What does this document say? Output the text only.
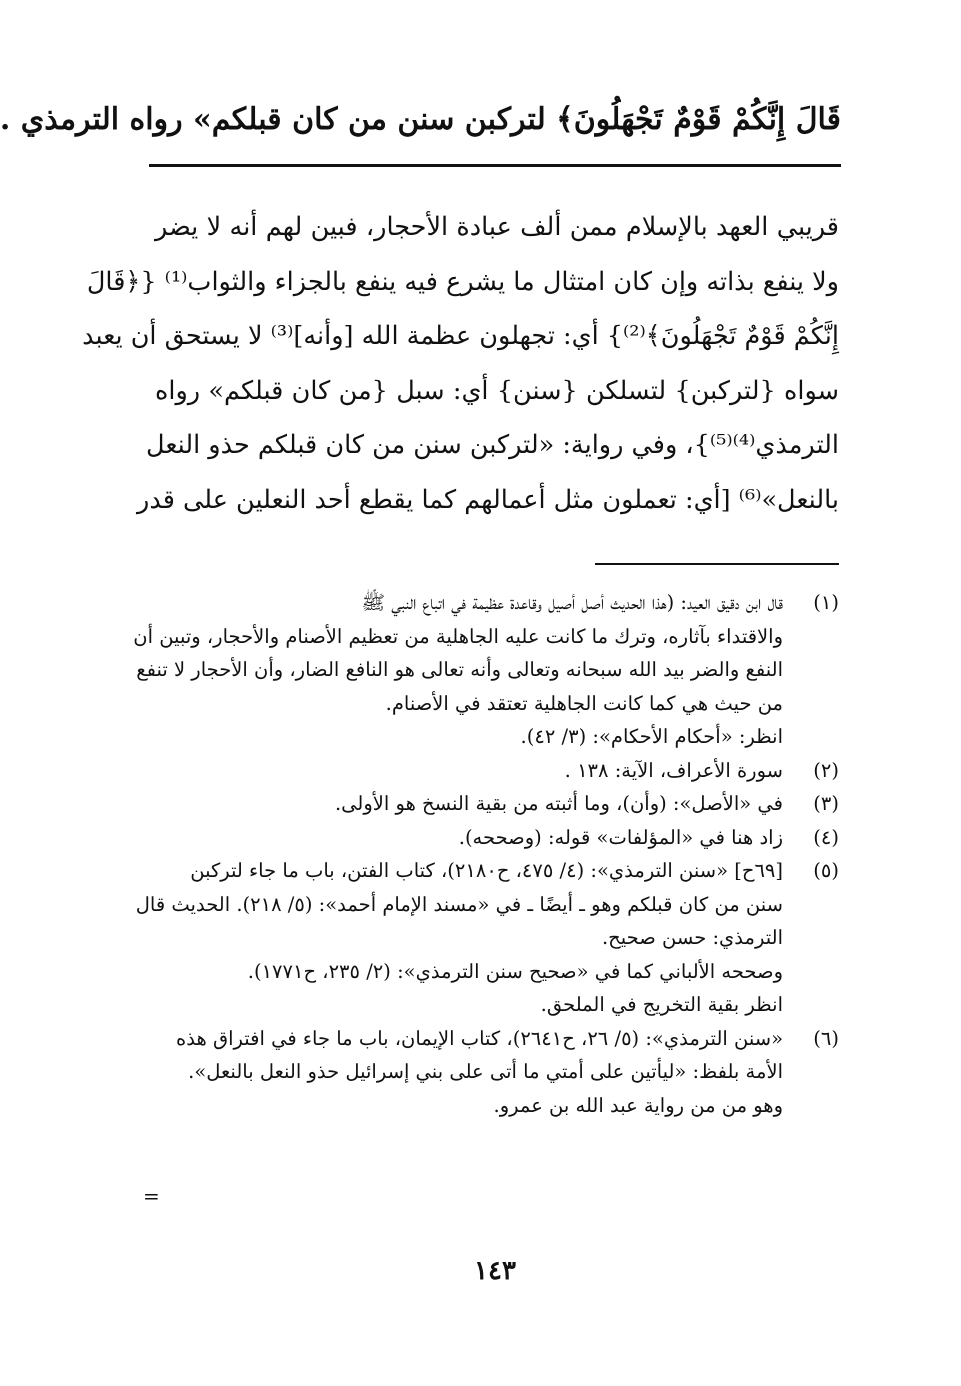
قَالَ إِنَّكُمْ قَوْمٌ تَجْهَلُونَ﴾ لتركبن سنن من كان قبلكم» رواه الترمذي .
قريبي العهد بالإسلام ممن ألف عبادة الأحجار، فبين لهم أنه لا يضر
ولا ينفع بذاته وإن كان امتثال ما يشرع فيه ينفع بالجزاء والثواب⁽¹⁾ {﴿قَالَ
إِنَّكُمْ قَوْمٌ تَجْهَلُونَ﴾⁽²⁾} أي: تجهلون عظمة الله [وأنه]⁽³⁾ لا يستحق أن يعبد
سواه {لتركبن} لتسلكن {سنن} أي: سبل {من كان قبلكم» رواه
الترمذي⁽⁴⁾⁽⁵⁾}، وفي رواية: «لتركبن سنن من كان قبلكم حذو النعل
بالنعل»⁽⁶⁾ [أي: تعملون مثل أعمالهم كما يقطع أحد النعلين على قدر
(١)
قال ابن دقيق العيد: (هذا الحديث أصل أصيل وقاعدة عظيمة في اتباع النبي ﷺ
والاقتداء بآثاره، وترك ما كانت عليه الجاهلية من تعظيم الأصنام والأحجار، وتبين أن
النفع والضر بيد الله سبحانه وتعالى وأنه تعالى هو النافع الضار، وأن الأحجار لا تنفع
من حيث هي كما كانت الجاهلية تعتقد في الأصنام.
انظر: «أحكام الأحكام»: (٣/ ٤٢).
(٢)
سورة الأعراف، الآية: ١٣٨ .
(٣)
في «الأصل»: (وأن)، وما أثبته من بقية النسخ هو الأولى.
(٤)
زاد هنا في «المؤلفات» قوله: (وصححه).
(٥)
[٦٩ح] «سنن الترمذي»: (٤/ ٤٧٥، ح٢١٨٠)، كتاب الفتن، باب ما جاء لتركبن
سنن من كان قبلكم وهو ـ أيضًا ـ في «مسند الإمام أحمد»: (٥/ ٢١٨). الحديث قال
الترمذي: حسن صحيح.
وصححه الألباني كما في «صحيح سنن الترمذي»: (٢/ ٢٣٥، ح١٧٧١).
انظر بقية التخريج في الملحق.
(٦)
«سنن الترمذي»: (٥/ ٢٦، ح٢٦٤١)، كتاب الإيمان، باب ما جاء في افتراق هذه
الأمة بلفظ: «ليأتين على أمتي ما أتى على بني إسرائيل حذو النعل بالنعل».
وهو من من رواية عبد الله بن عمرو.
=
١٤٣
